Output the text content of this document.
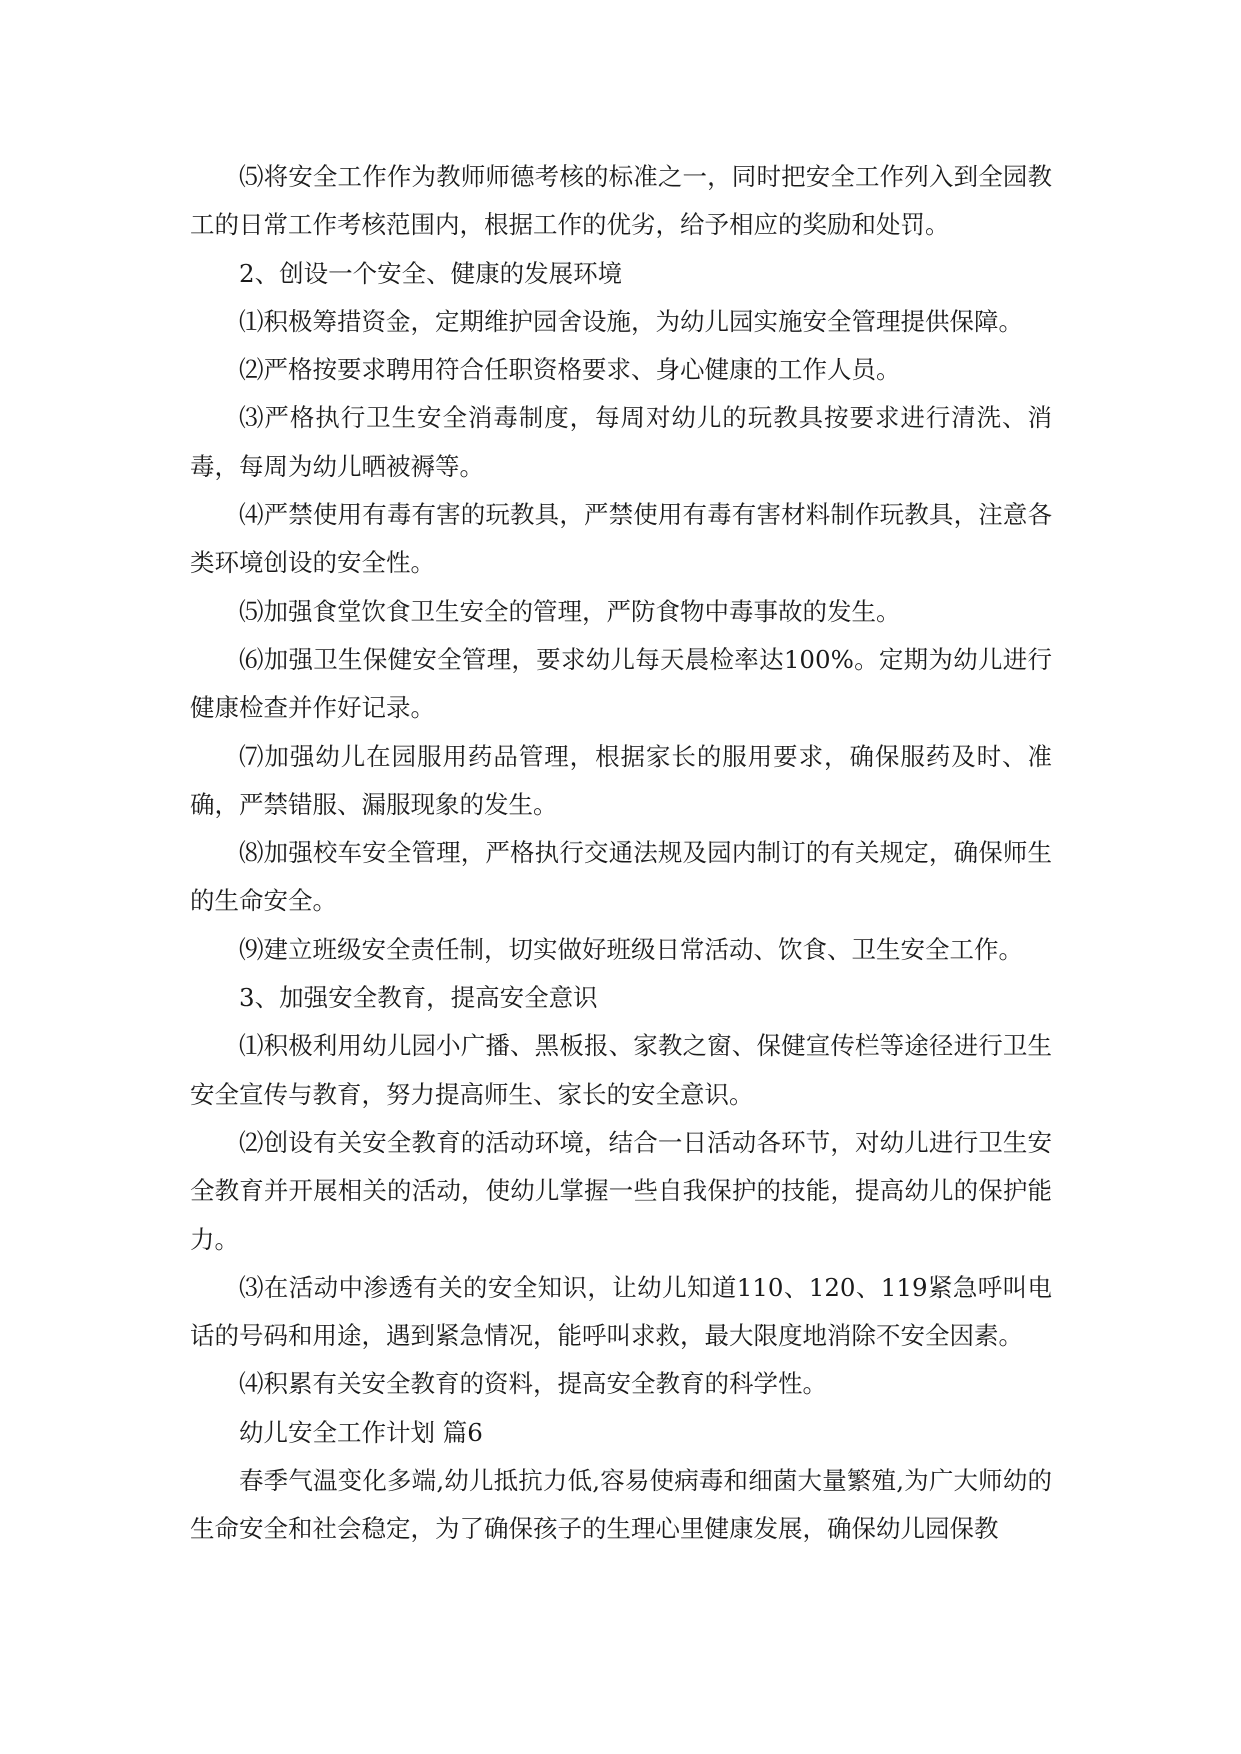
⑸将安全工作作为教师师德考核的标准之一，同时把安全工作列入到全园教工的日常工作考核范围内，根据工作的优劣，给予相应的奖励和处罚。

2、创设一个安全、健康的发展环境

⑴积极筹措资金，定期维护园舍设施，为幼儿园实施安全管理提供保障。

⑵严格按要求聘用符合任职资格要求、身心健康的工作人员。

⑶严格执行卫生安全消毒制度，每周对幼儿的玩教具按要求进行清洗、消毒，每周为幼儿晒被褥等。

⑷严禁使用有毒有害的玩教具，严禁使用有毒有害材料制作玩教具，注意各类环境创设的安全性。

⑸加强食堂饮食卫生安全的管理，严防食物中毒事故的发生。

⑹加强卫生保健安全管理，要求幼儿每天晨检率达100%。定期为幼儿进行健康检查并作好记录。

⑺加强幼儿在园服用药品管理，根据家长的服用要求，确保服药及时、准确，严禁错服、漏服现象的发生。

⑻加强校车安全管理，严格执行交通法规及园内制订的有关规定，确保师生的生命安全。

⑼建立班级安全责任制，切实做好班级日常活动、饮食、卫生安全工作。

3、加强安全教育，提高安全意识

⑴积极利用幼儿园小广播、黑板报、家教之窗、保健宣传栏等途径进行卫生安全宣传与教育，努力提高师生、家长的安全意识。

⑵创设有关安全教育的活动环境，结合一日活动各环节，对幼儿进行卫生安全教育并开展相关的活动，使幼儿掌握一些自我保护的技能，提高幼儿的保护能力。

⑶在活动中渗透有关的安全知识，让幼儿知道110、120、119紧急呼叫电话的号码和用途，遇到紧急情况，能呼叫求救，最大限度地消除不安全因素。

⑷积累有关安全教育的资料，提高安全教育的科学性。

幼儿安全工作计划 篇6

春季气温变化多端,幼儿抵抗力低,容易使病毒和细菌大量繁殖,为广大师幼的生命安全和社会稳定，为了确保孩子的生理心里健康发展，确保幼儿园保教
